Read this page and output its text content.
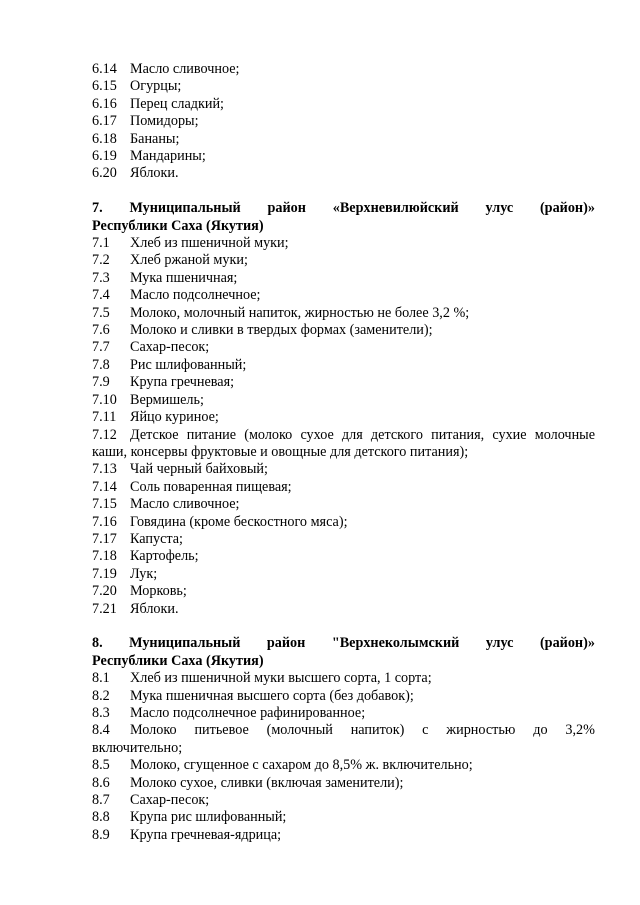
6.14 Масло сливочное;
6.15 Огурцы;
6.16 Перец сладкий;
6.17 Помидоры;
6.18 Бананы;
6.19 Мандарины;
6.20 Яблоки.
7. Муниципальный район «Верхневилюйский улус (район)»
Республики Саха (Якутия)
7.1	Хлеб из пшеничной муки;
7.2	Хлеб ржаной муки;
7.3	Мука пшеничная;
7.4	Масло подсолнечное;
7.5	Молоко, молочный напиток, жирностью не более 3,2 %;
7.6	Молоко и сливки в твердых формах (заменители);
7.7	Сахар-песок;
7.8	Рис шлифованный;
7.9	Крупа гречневая;
7.10 Вермишель;
7.11 Яйцо куриное;
7.12 Детское питание (молоко сухое для детского питания, сухие молочные
каши, консервы фруктовые и овощные для детского питания);
7.13 Чай черный байховый;
7.14 Соль поваренная пищевая;
7.15 Масло сливочное;
7.16 Говядина (кроме бескостного мяса);
7.17 Капуста;
7.18 Картофель;
7.19 Лук;
7.20 Морковь;
7.21 Яблоки.
8. Муниципальный район "Верхнеколымский улус (район)»
Республики Саха (Якутия)
8.1	Хлеб из пшеничной муки высшего сорта, 1 сорта;
8.2	Мука пшеничная высшего сорта (без добавок);
8.3	Масло подсолнечное рафинированное;
8.4	Молоко питьевое (молочный напиток) с жирностью до 3,2%
включительно;
8.5	Молоко, сгущенное с сахаром до 8,5% ж. включительно;
8.6	Молоко сухое, сливки (включая заменители);
8.7	Сахар-песок;
8.8	Крупа рис шлифованный;
8.9	Крупа гречневая-ядрица;
